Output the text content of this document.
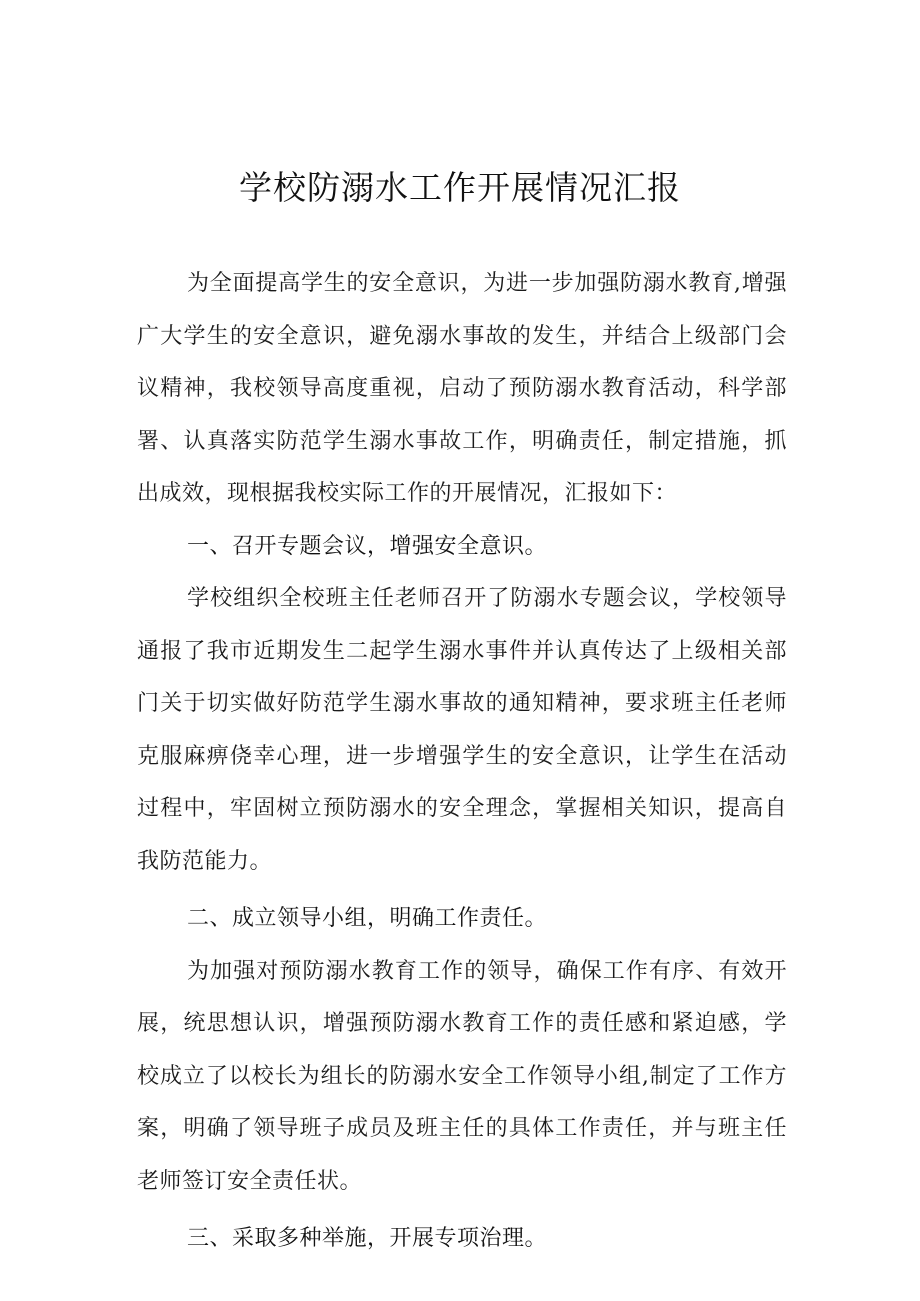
学校防溺水工作开展情况汇报

为全面提高学生的安全意识，为进一步加强防溺水教育,增强广大学生的安全意识，避免溺水事故的发生，并结合上级部门会议精神，我校领导高度重视，启动了预防溺水教育活动，科学部署、认真落实防范学生溺水事故工作，明确责任，制定措施，抓出成效，现根据我校实际工作的开展情况，汇报如下：

一、召开专题会议，增强安全意识。

学校组织全校班主任老师召开了防溺水专题会议，学校领导通报了我市近期发生二起学生溺水事件并认真传达了上级相关部门关于切实做好防范学生溺水事故的通知精神，要求班主任老师克服麻痹侥幸心理，进一步增强学生的安全意识，让学生在活动过程中，牢固树立预防溺水的安全理念，掌握相关知识，提高自我防范能力。

二、成立领导小组，明确工作责任。

为加强对预防溺水教育工作的领导，确保工作有序、有效开展，统思想认识，增强预防溺水教育工作的责任感和紧迫感，学校成立了以校长为组长的防溺水安全工作领导小组,制定了工作方案，明确了领导班子成员及班主任的具体工作责任，并与班主任老师签订安全责任状。

三、采取多种举施，开展专项治理。
